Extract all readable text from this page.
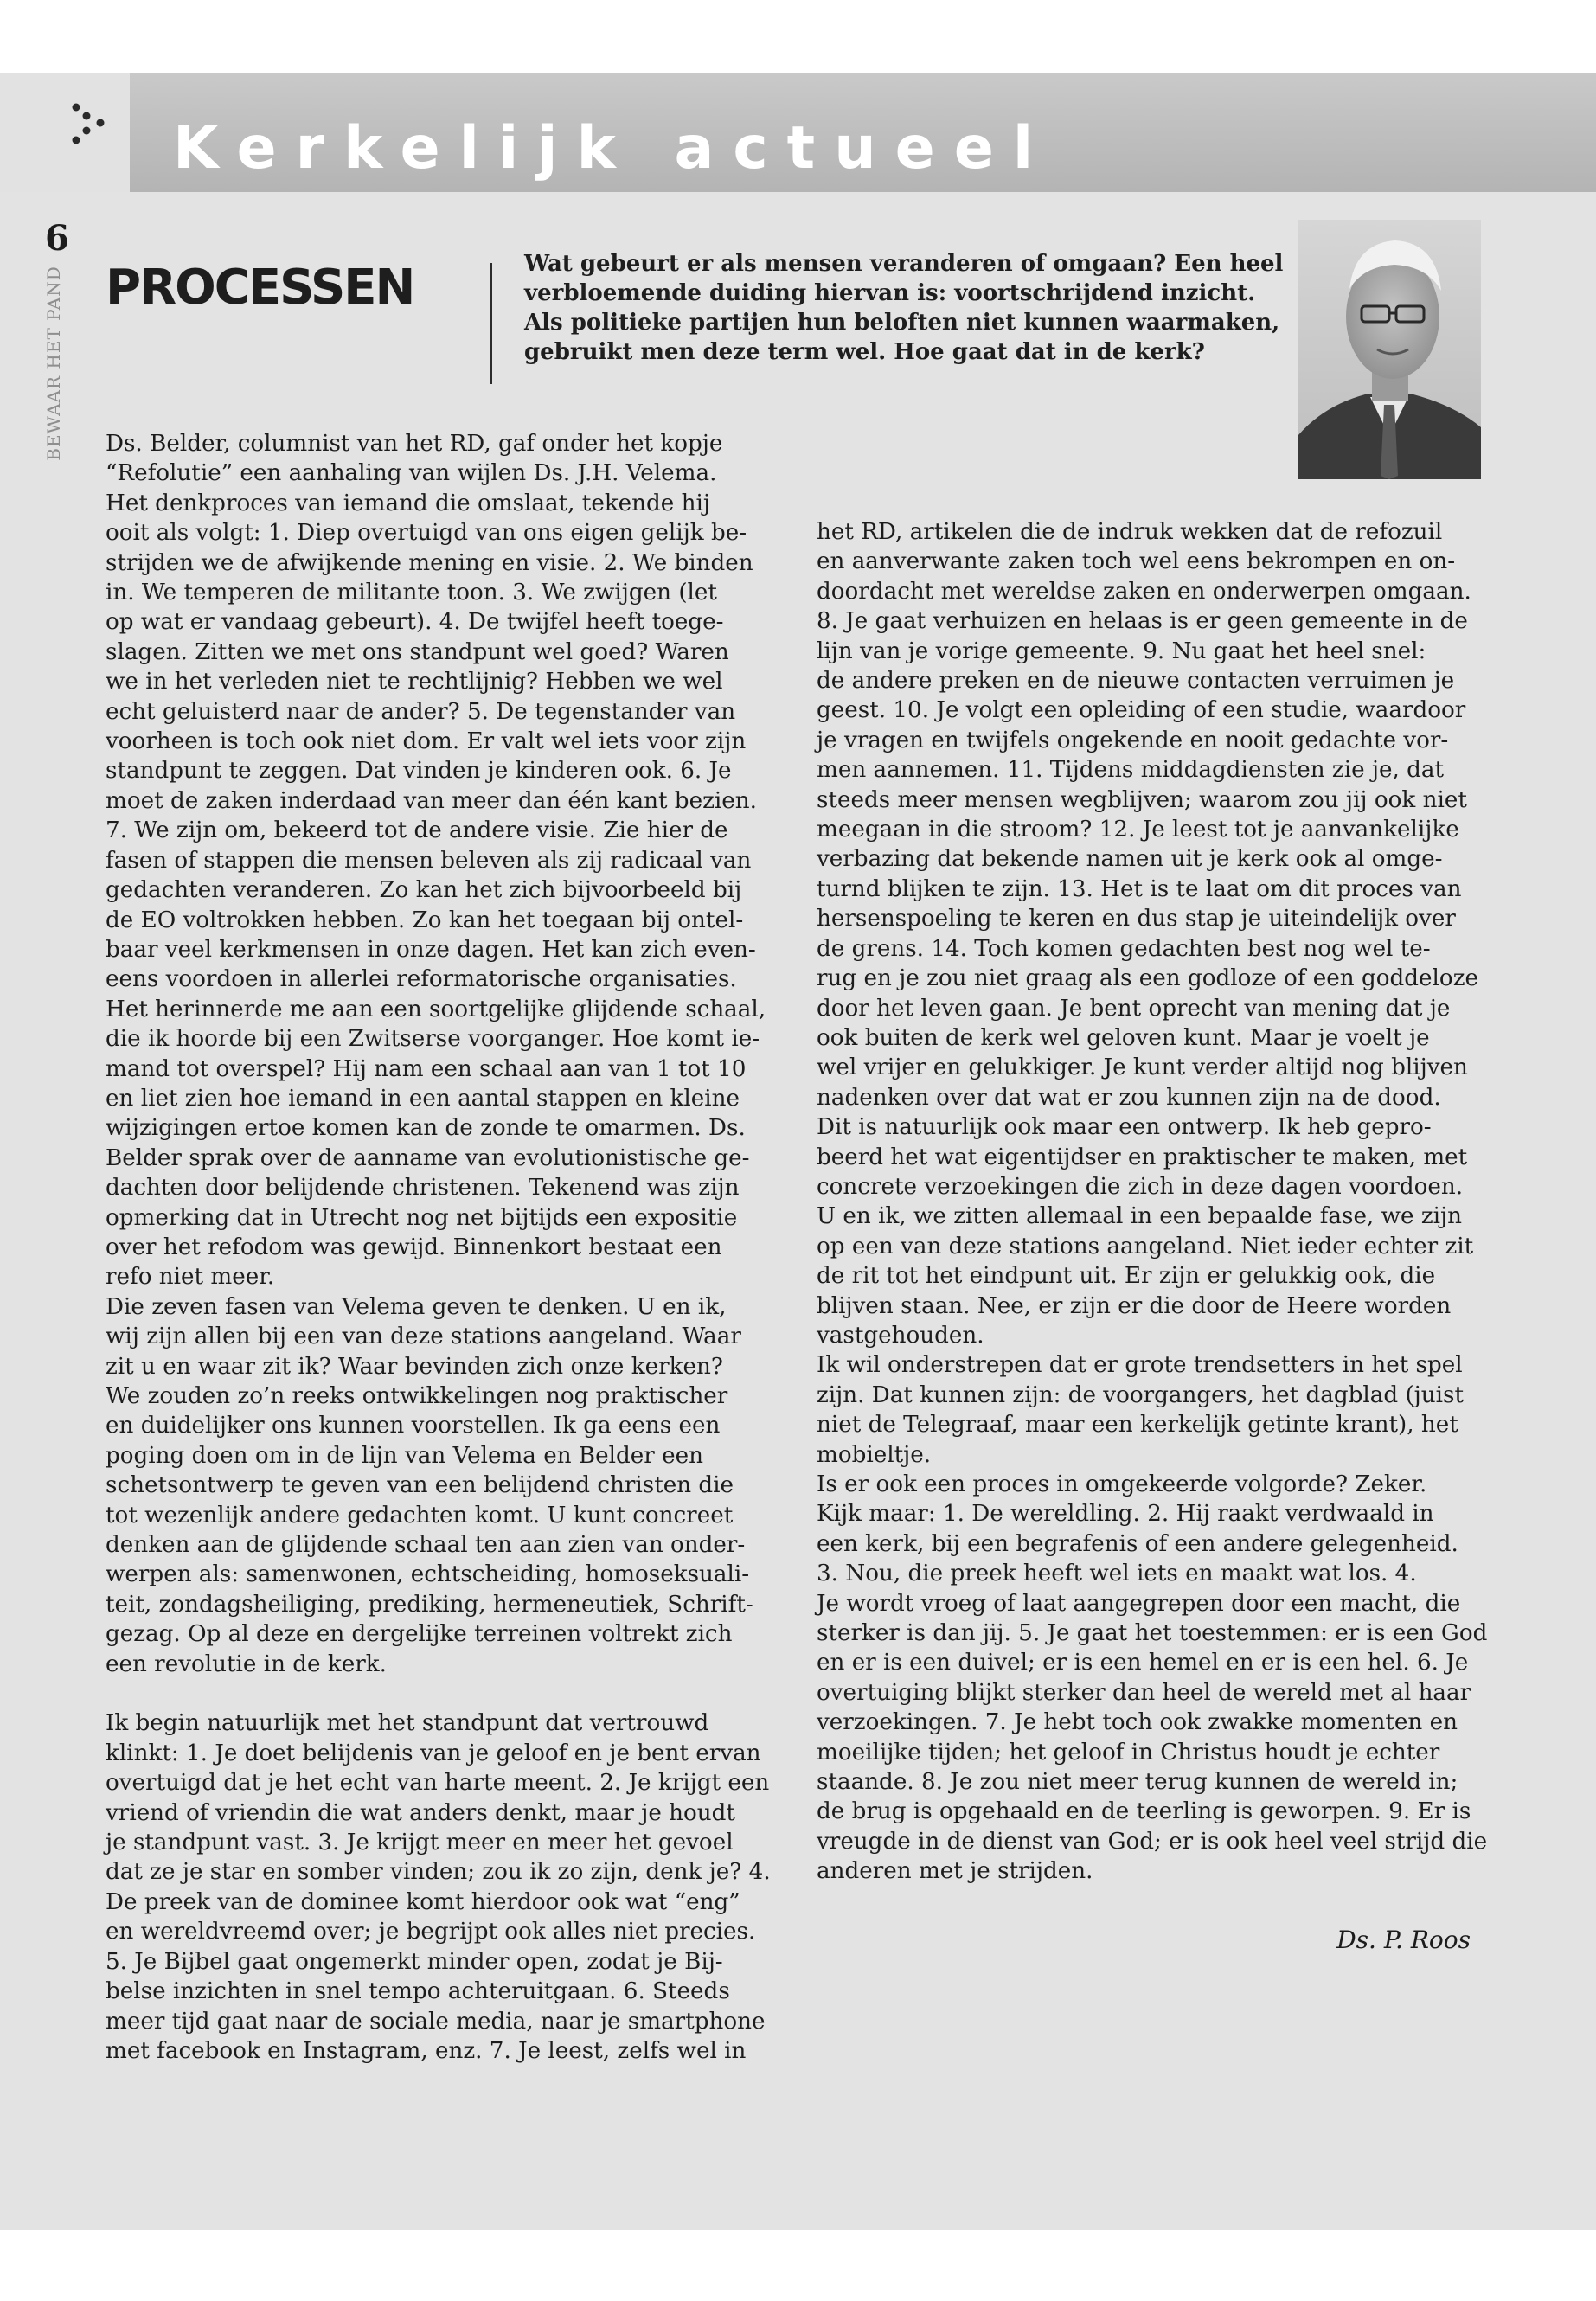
Kerkelijk actueel

6

BEWAAR HET PAND PROCESSEN	Wat gebeurt er als mensen veranderen of omgaan? Een heel
verbloemende duiding hiervan is: voortschrijdend inzicht.
Als politieke partijen hun beloften niet kunnen waarmaken,
gebruikt men deze term wel. Hoe gaat dat in de kerk?

Ds. Belder, columnist van het RD, gaf onder het kopje
“Refolutie” een aanhaling van wijlen Ds. J.H. Velema.
Het denkproces van iemand die omslaat, tekende hij
ooit als volgt: 1. Diep overtuigd van ons eigen gelijk be-
strijden we de afwijkende mening en visie. 2. We binden
in. We temperen de militante toon. 3. We zwijgen (let
op wat er vandaag gebeurt). 4. De twijfel heeft toege-
slagen. Zitten we met ons standpunt wel goed? Waren
we in het verleden niet te rechtlijnig? Hebben we wel
echt geluisterd naar de ander? 5. De tegenstander van
voorheen is toch ook niet dom. Er valt wel iets voor zijn
standpunt te zeggen. Dat vinden je kinderen ook. 6. Je
moet de zaken inderdaad van meer dan één kant bezien.
7. We zijn om, bekeerd tot de andere visie. Zie hier de
fasen of stappen die mensen beleven als zij radicaal van
gedachten veranderen. Zo kan het zich bijvoorbeeld bij
de EO voltrokken hebben. Zo kan het toegaan bij ontel-
baar veel kerkmensen in onze dagen. Het kan zich even-
eens voordoen in allerlei reformatorische organisaties.
Het herinnerde me aan een soortgelijke glijdende schaal,
die ik hoorde bij een Zwitserse voorganger. Hoe komt ie-
mand tot overspel? Hij nam een schaal aan van 1 tot 10
en liet zien hoe iemand in een aantal stappen en kleine
wijzigingen ertoe komen kan de zonde te omarmen. Ds.
Belder sprak over de aanname van evolutionistische ge-
dachten door belijdende christenen. Tekenend was zijn
opmerking dat in Utrecht nog net bijtijds een expositie
over het refodom was gewijd. Binnenkort bestaat een
refo niet meer.
Die zeven fasen van Velema geven te denken. U en ik,
wij zijn allen bij een van deze stations aangeland. Waar
zit u en waar zit ik? Waar bevinden zich onze kerken?
We zouden zo’n reeks ontwikkelingen nog praktischer
en duidelijker ons kunnen voorstellen. Ik ga eens een
poging doen om in de lijn van Velema en Belder een
schetsontwerp te geven van een belijdend christen die
tot wezenlijk andere gedachten komt. U kunt concreet
denken aan de glijdende schaal ten aan zien van onder-
werpen als: samenwonen, echtscheiding, homoseksuali-
teit, zondagsheiliging, prediking, hermeneutiek, Schrift-
gezag. Op al deze en dergelijke terreinen voltrekt zich
een revolutie in de kerk.
Ik begin natuurlijk met het standpunt dat vertrouwd
klinkt: 1. Je doet belijdenis van je geloof en je bent ervan
overtuigd dat je het echt van harte meent. 2. Je krijgt een
vriend of vriendin die wat anders denkt, maar je houdt
je standpunt vast. 3. Je krijgt meer en meer het gevoel
dat ze je star en somber vinden; zou ik zo zijn, denk je? 4.
De preek van de dominee komt hierdoor ook wat “eng”
en wereldvreemd over; je begrijpt ook alles niet precies.
5. Je Bijbel gaat ongemerkt minder open, zodat je Bij-
belse inzichten in snel tempo achteruitgaan. 6. Steeds
meer tijd gaat naar de sociale media, naar je smartphone
met facebook en Instagram, enz. 7. Je leest, zelfs wel in

het RD, artikelen die de indruk wekken dat de refozuil
en aanverwante zaken toch wel eens bekrompen en on-
doordacht met wereldse zaken en onderwerpen omgaan.
8. Je gaat verhuizen en helaas is er geen gemeente in de
lijn van je vorige gemeente. 9. Nu gaat het heel snel:
de andere preken en de nieuwe contacten verruimen je
geest. 10. Je volgt een opleiding of een studie, waardoor
je vragen en twijfels ongekende en nooit gedachte vor-
men aannemen. 11. Tijdens middagdiensten zie je, dat
steeds meer mensen wegblijven; waarom zou jij ook niet
meegaan in die stroom? 12. Je leest tot je aanvankelijke
verbazing dat bekende namen uit je kerk ook al omge-
turnd blijken te zijn. 13. Het is te laat om dit proces van
hersenspoeling te keren en dus stap je uiteindelijk over
de grens. 14. Toch komen gedachten best nog wel te-
rug en je zou niet graag als een godloze of een goddeloze
door het leven gaan. Je bent oprecht van mening dat je
ook buiten de kerk wel geloven kunt. Maar je voelt je
wel vrijer en gelukkiger. Je kunt verder altijd nog blijven
nadenken over dat wat er zou kunnen zijn na de dood.
Dit is natuurlijk ook maar een ontwerp. Ik heb gepro-
beerd het wat eigentijdser en praktischer te maken, met
concrete verzoekingen die zich in deze dagen voordoen.
U en ik, we zitten allemaal in een bepaalde fase, we zijn
op een van deze stations aangeland. Niet ieder echter zit
de rit tot het eindpunt uit. Er zijn er gelukkig ook, die
blijven staan. Nee, er zijn er die door de Heere worden
vastgehouden.
Ik wil onderstrepen dat er grote trendsetters in het spel
zijn. Dat kunnen zijn: de voorgangers, het dagblad (juist
niet de Telegraaf, maar een kerkelijk getinte krant), het
mobieltje.
Is er ook een proces in omgekeerde volgorde? Zeker.
Kijk maar: 1. De wereldling. 2. Hij raakt verdwaald in
een kerk, bij een begrafenis of een andere gelegenheid.
3. Nou, die preek heeft wel iets en maakt wat los. 4.
Je wordt vroeg of laat aangegrepen door een macht, die
sterker is dan jij. 5. Je gaat het toestemmen: er is een God
en er is een duivel; er is een hemel en er is een hel. 6. Je
overtuiging blijkt sterker dan heel de wereld met al haar
verzoekingen. 7. Je hebt toch ook zwakke momenten en
moeilijke tijden; het geloof in Christus houdt je echter
staande. 8. Je zou niet meer terug kunnen de wereld in;
de brug is opgehaald en de teerling is geworpen. 9. Er is
vreugde in de dienst van God; er is ook heel veel strijd die
anderen met je strijden.

Ds. P. Roos
